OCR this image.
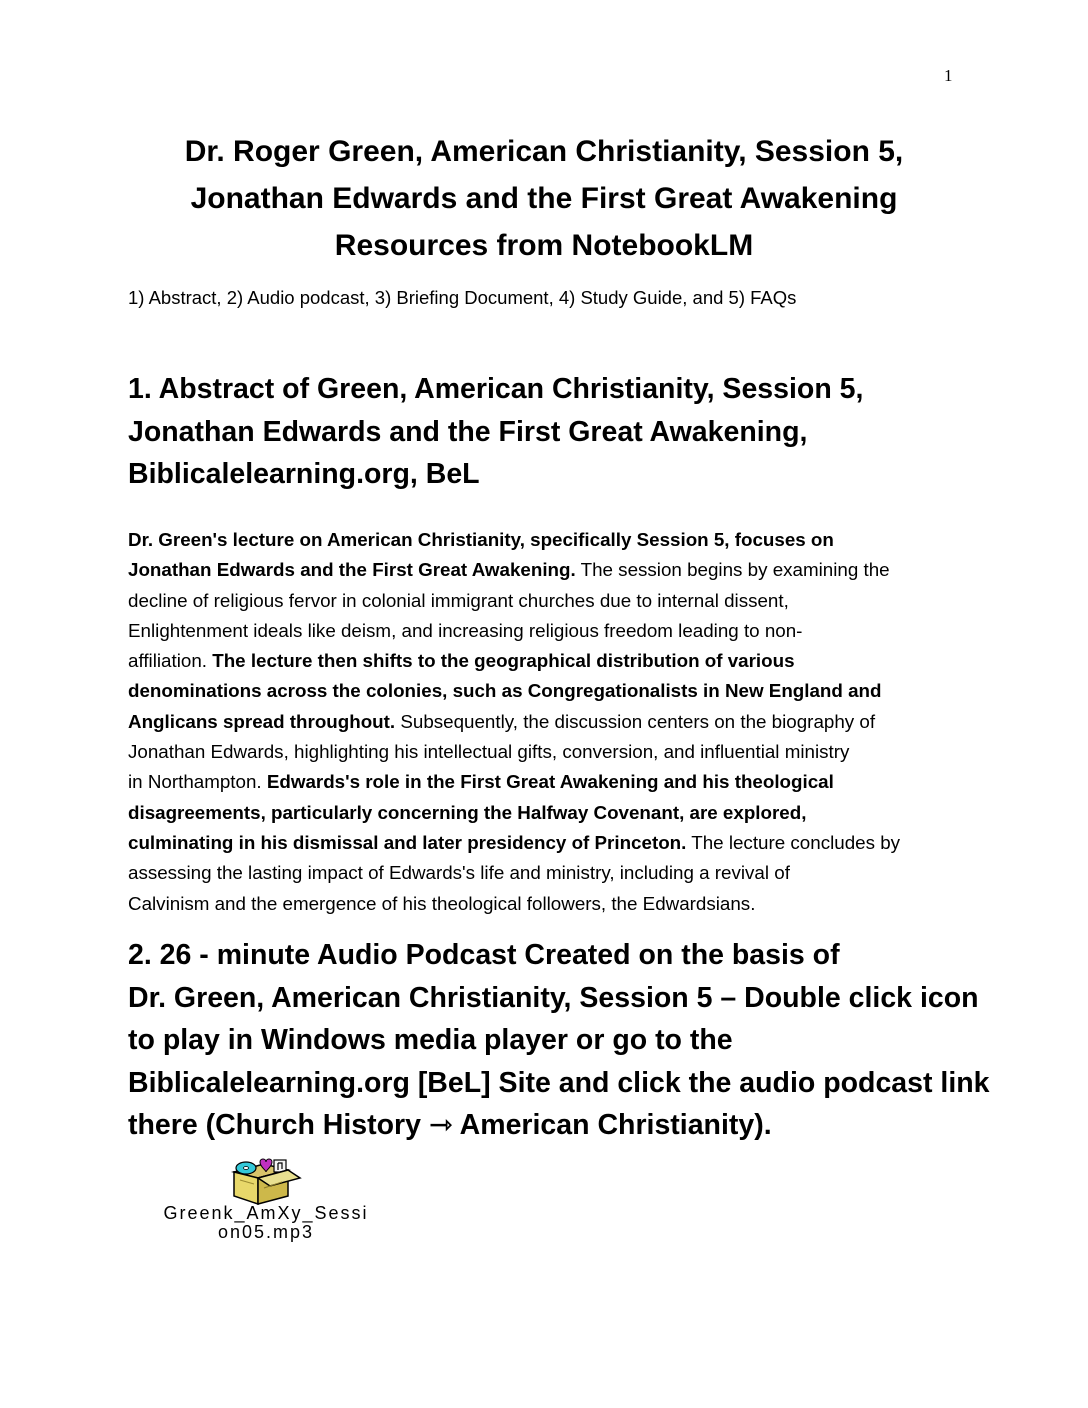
1
Dr. Roger Green, American Christianity, Session 5,
Jonathan Edwards and the First Great Awakening
Resources from NotebookLM
1) Abstract, 2) Audio podcast, 3) Briefing Document, 4) Study Guide, and 5) FAQs
1. Abstract of Green, American Christianity, Session 5,
Jonathan Edwards and the First Great Awakening,
Biblicalelearning.org, BeL
Dr. Green's lecture on American Christianity, specifically Session 5, focuses on
Jonathan Edwards and the First Great Awakening. The session begins by examining the
decline of religious fervor in colonial immigrant churches due to internal dissent,
Enlightenment ideals like deism, and increasing religious freedom leading to non-
affiliation. The lecture then shifts to the geographical distribution of various
denominations across the colonies, such as Congregationalists in New England and
Anglicans spread throughout. Subsequently, the discussion centers on the biography of
Jonathan Edwards, highlighting his intellectual gifts, conversion, and influential ministry
in Northampton. Edwards's role in the First Great Awakening and his theological
disagreements, particularly concerning the Halfway Covenant, are explored,
culminating in his dismissal and later presidency of Princeton. The lecture concludes by
assessing the lasting impact of Edwards's life and ministry, including a revival of
Calvinism and the emergence of his theological followers, the Edwardsians.
2. 26 - minute Audio Podcast Created on the basis of
Dr. Green, American Christianity, Session 5 – Double click icon
to play in Windows media player or go to the
Biblicalelearning.org [BeL] Site and click the audio podcast link
there (Church History ⇾ American Christianity).
Greenk_AmXy_Sessi
on05.mp3
